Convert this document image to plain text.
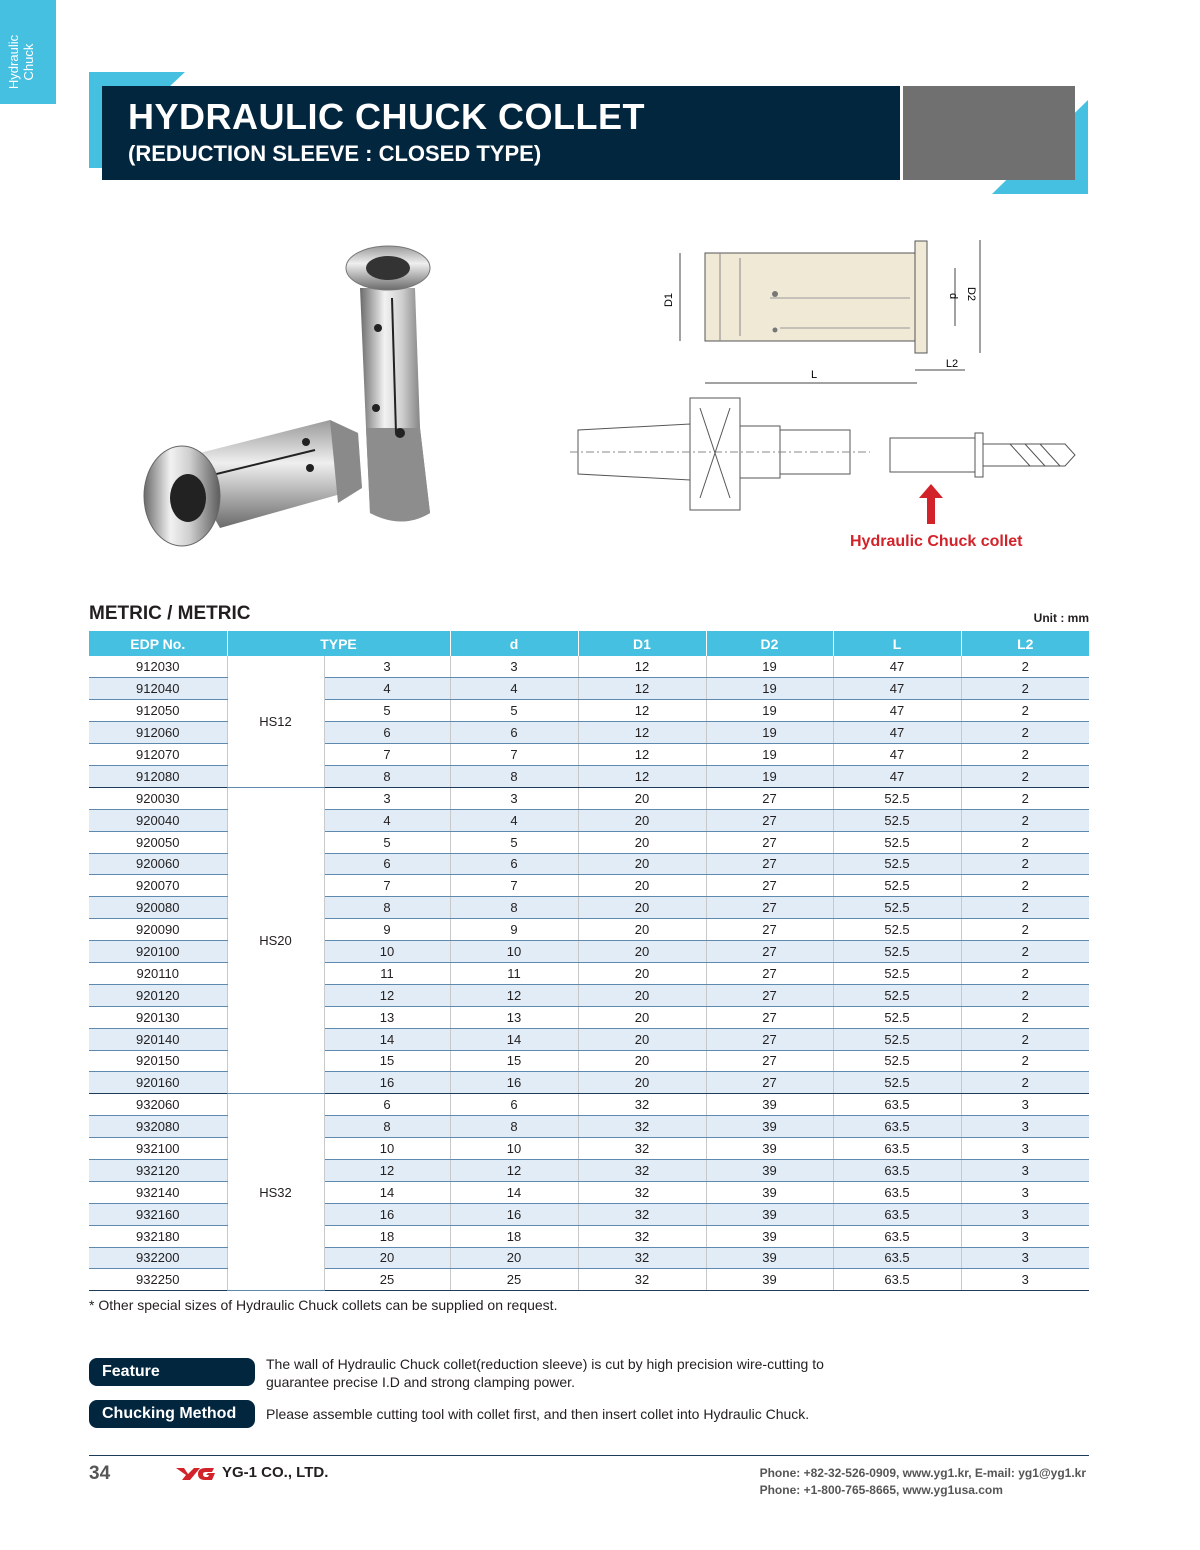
Hydraulic Chuck
HYDRAULIC CHUCK COLLET
(REDUCTION SLEEVE : CLOSED TYPE)
D1	d D2
L
L2
Hydraulic Chuck collet
METRIC / METRIC	Unit : mm
EDP No.	TYPE		d	D1	D2	L	L2
912030	HS12	3	3	12	19	47	2
912040		4	4	12	19	47	2
912050		5	5	12	19	47	2
912060		6	6	12	19	47	2
912070		7	7	12	19	47	2
912080		8	8	12	19	47	2
920030	HS20	3	3	20	27	52.5	2
920040		4	4	20	27	52.5	2
920050		5	5	20	27	52.5	2
920060		6	6	20	27	52.5	2
920070		7	7	20	27	52.5	2
920080		8	8	20	27	52.5	2
920090		9	9	20	27	52.5	2
920100		10	10	20	27	52.5	2
920110		11	11	20	27	52.5	2
920120		12	12	20	27	52.5	2
920130		13	13	20	27	52.5	2
920140		14	14	20	27	52.5	2
920150		15	15	20	27	52.5	2
920160		16	16	20	27	52.5	2
932060	HS32	6	6	32	39	63.5	3
932080		8	8	32	39	63.5	3
932100		10	10	32	39	63.5	3
932120		12	12	32	39	63.5	3
932140		14	14	32	39	63.5	3
932160		16	16	32	39	63.5	3
932180		18	18	32	39	63.5	3
932200		20	20	32	39	63.5	3
932250		25	25	32	39	63.5	3
* Other special sizes of Hydraulic Chuck collets can be supplied on request.
Feature	The wall of Hydraulic Chuck collet(reduction sleeve) is cut by high precision wire-cutting to
guarantee precise I.D and strong clamping power.
Chucking Method	Please assemble cutting tool with collet first, and then insert collet into Hydraulic Chuck.
34	YG-1 CO., LTD.	Phone: +82-32-526-0909, www.yg1.kr, E-mail: yg1@yg1.kr
Phone: +1-800-765-8665, www.yg1usa.com
